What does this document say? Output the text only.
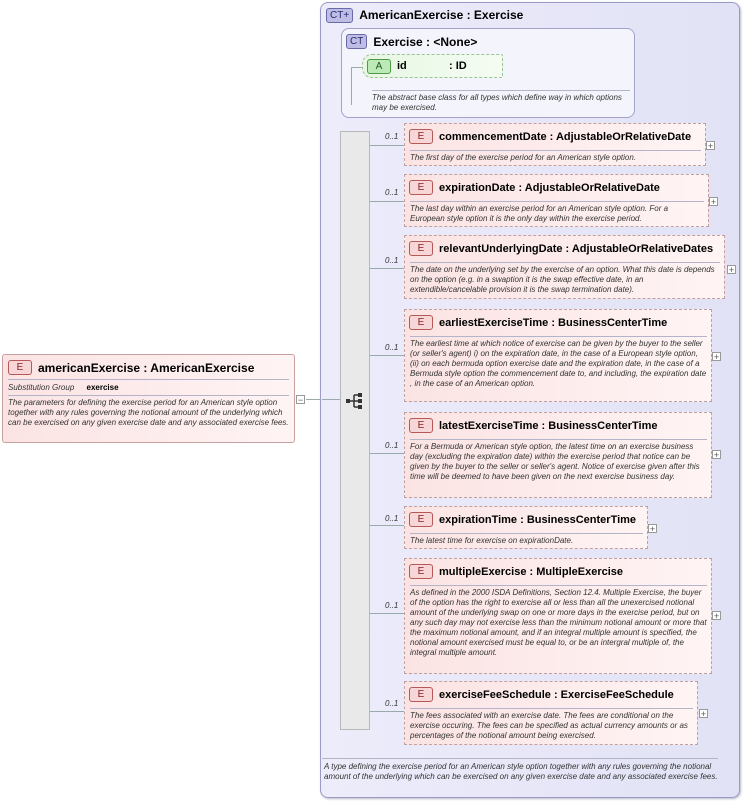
CT + AmericanExercise : Exercise
CT Exercise : <None>
The abstract base class for all types which define way in which options may be exercised.
A	id	: ID
E	commencementDate : AdjustableOrRelativeDate
The first day of the exercise period for an American style option.
E	expirationDate : AdjustableOrRelativeDate
The last day within an exercise period for an American style option. For a European style option it is the only day within the exercise period.
E	relevantUnderlyingDate : AdjustableOrRelativeDates
The date on the underlying set by the exercise of an option. What this date is depends on the option (e.g. in a swaption it is the swap effective date, in an extendible/cancelable provision it is the swap termination date).
E	earliestExerciseTime : BusinessCenterTime
The earliest time at which notice of exercise can be given by the buyer to the seller (or seller's agent) i) on the expiration date, in the case of a European style option, (ii) on each bermuda option exercise date and the expiration date, in the case of a Bermuda style option the commencement date to, and including, the expiration date , in the case of an American option.
E	latestExerciseTime : BusinessCenterTime
For a Bermuda or American style option, the latest time on an exercise business day (excluding the expiration date) within the exercise period that notice can be given by the buyer to the seller or seller's agent. Notice of exercise given after this time will be deemed to have been given on the next exercise business day.
E	expirationTime : BusinessCenterTime
The latest time for exercise on expirationDate.
E	multipleExercise : MultipleExercise
As defined in the 2000 ISDA Definitions, Section 12.4. Multiple Exercise, the buyer of the option has the right to exercise all or less than all the unexercised notional amount of the underlying swap on one or more days in the exercise period, but on any such day may not exercise less than the minimum notional amount or more that the maximum notional amount, and if an integral multiple amount is specified, the notional amount exercised must be equal to, or be an intergral multiple of, the integral multiple amount.
E	exerciseFeeSchedule : ExerciseFeeSchedule
The fees associated with an exercise date. The fees are conditional on the exercise occuring. The fees can be specified as actual currency amounts or as percentages of the notional amount being exercised.
0..1
0..1
0..1
0..1
0..1
0..1
0..1
0..1
+
+
+
+
+
+
+
+
A type defining the exercise period for an American style option together with any rules governing the notional amount of the underlying which can be exercised on any given exercise date and any associated exercise fees.
E	americanExercise : AmericanExercise
Substitution Group exercise
The parameters for defining the exercise period for an American style option together with any rules governing the notional amount of the underlying which can be exercised on any given exercise date and any associated exercise fees.
−
